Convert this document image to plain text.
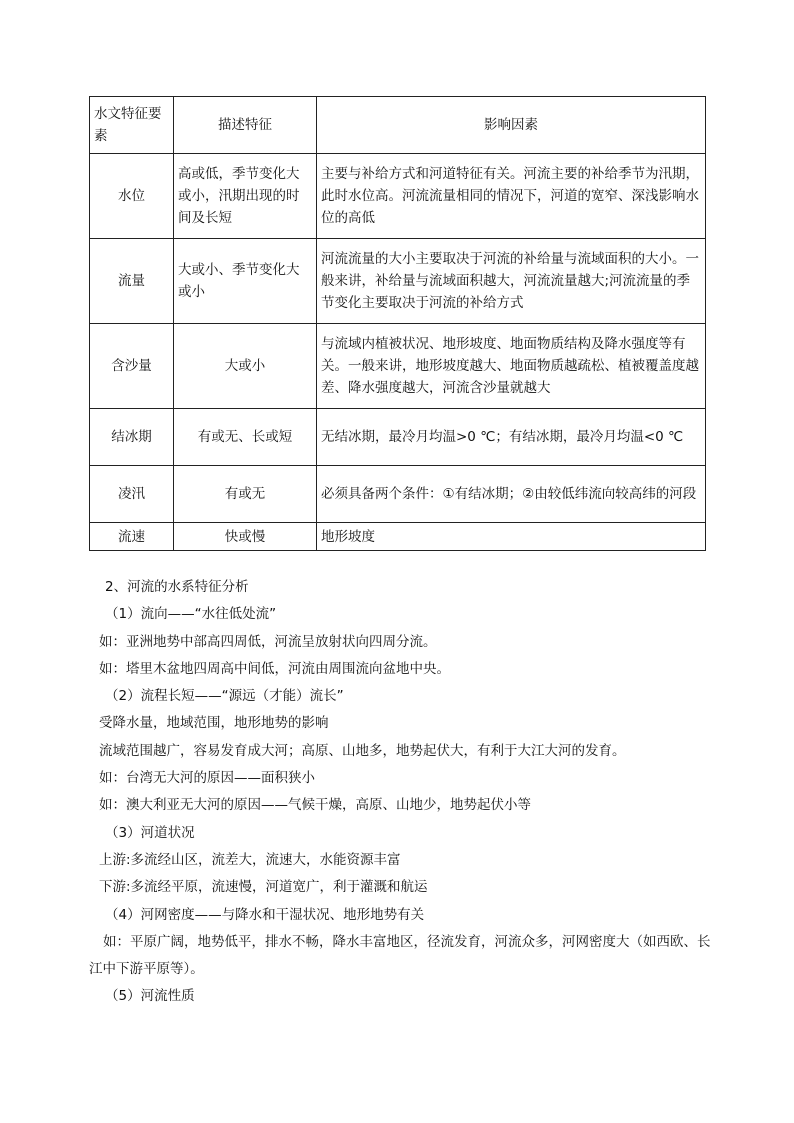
水文特征要素	描述特征	影响因素
水位	高或低，季节变化大或小，汛期出现的时间及长短	主要与补给方式和河道特征有关。河流主要的补给季节为汛期，此时水位高。河流流量相同的情况下，河道的宽窄、深浅影响水位的高低
流量	大或小、季节变化大或小	河流流量的大小主要取决于河流的补给量与流域面积的大小。一般来讲，补给量与流域面积越大，河流流量越大;河流流量的季节变化主要取决于河流的补给方式
含沙量	大或小	与流域内植被状况、地形坡度、地面物质结构及降水强度等有关。一般来讲，地形坡度越大、地面物质越疏松、植被覆盖度越差、降水强度越大，河流含沙量就越大
结冰期	有或无、长或短	无结冰期，最冷月均温>0 ℃；有结冰期，最冷月均温<0 ℃
凌汛	有或无	必须具备两个条件：①有结冰期；②由较低纬流向较高纬的河段
流速	快或慢	地形坡度

2、河流的水系特征分析

（1）流向——“水往低处流”

如：亚洲地势中部高四周低，河流呈放射状向四周分流。

如：塔里木盆地四周高中间低，河流由周围流向盆地中央。

（2）流程长短——“源远（才能）流长”

受降水量，地域范围，地形地势的影响

流域范围越广，容易发育成大河；高原、山地多，地势起伏大，有利于大江大河的发育。

如：台湾无大河的原因——面积狭小

如：澳大利亚无大河的原因——气候干燥，高原、山地少，地势起伏小等

（3）河道状况

上游:多流经山区，流差大，流速大，水能资源丰富

下游:多流经平原，流速慢，河道宽广，利于灌溉和航运

（4）河网密度——与降水和干湿状况、地形地势有关

如：平原广阔，地势低平，排水不畅，降水丰富地区，径流发育，河流众多，河网密度大（如西欧、长江中下游平原等）。

（5）河流性质
